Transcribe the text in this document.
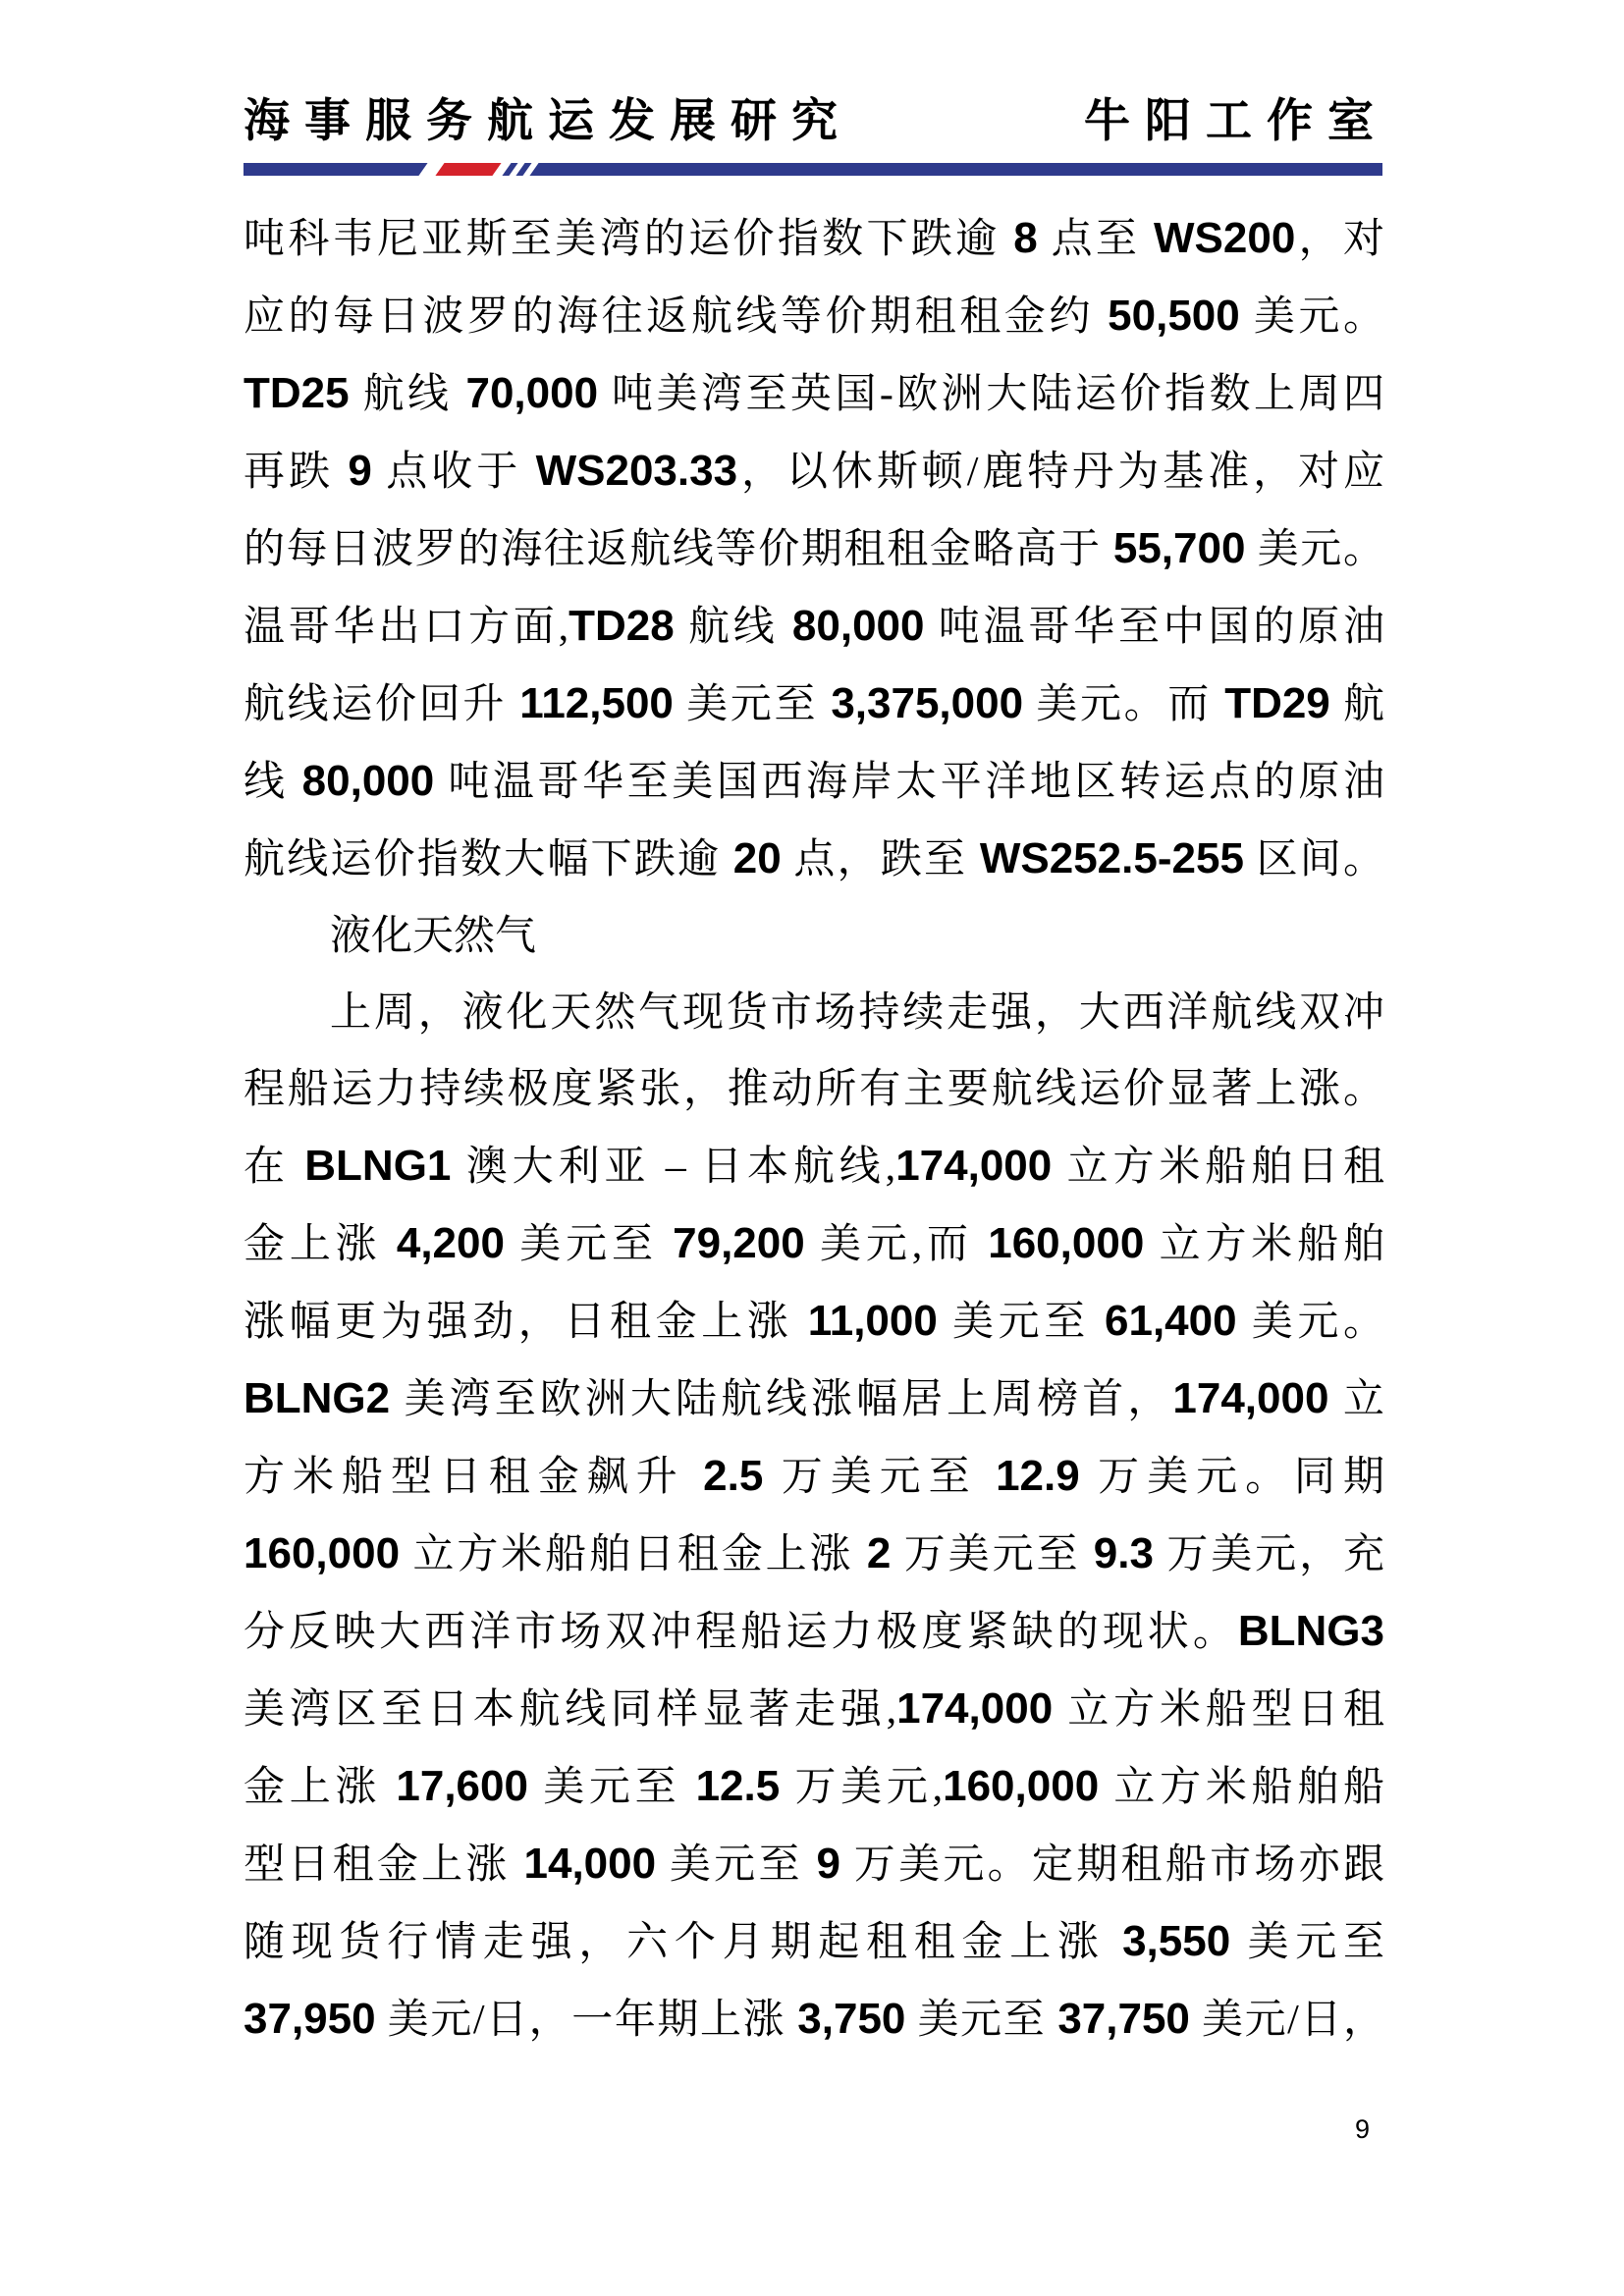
海事服务航运发展研究	牛阳工作室
吨科韦尼亚斯至美湾的运价指数下跌逾 8 点至 WS200，对
应的每日波罗的海往返航线等价期租租金约 50,500 美元。
TD25 航线 70,000 吨美湾至英国-欧洲大陆运价指数上周四
再跌 9 点收于 WS203.33，以休斯顿/鹿特丹为基准，对应
的每日波罗的海往返航线等价期租租金略高于 55,700 美元。
温哥华出口方面,TD28 航线 80,000 吨温哥华至中国的原油
航线运价回升 112,500 美元至 3,375,000 美元。而 TD29 航
线 80,000 吨温哥华至美国西海岸太平洋地区转运点的原油
航线运价指数大幅下跌逾 20 点，跌至 WS252.5-255 区间。
液化天然气
上周，液化天然气现货市场持续走强，大西洋航线双冲
程船运力持续极度紧张，推动所有主要航线运价显著上涨。
在 BLNG1 澳大利亚 – 日本航线,174,000 立方米船舶日租
金上涨 4,200 美元至 79,200 美元,而 160,000 立方米船舶
涨幅更为强劲，日租金上涨 11,000 美元至 61,400 美元。
BLNG2 美湾至欧洲大陆航线涨幅居上周榜首，174,000 立
方米船型日租金飙升 2.5 万美元至 12.9 万美元。同期
160,000 立方米船舶日租金上涨 2 万美元至 9.3 万美元，充
分反映大西洋市场双冲程船运力极度紧缺的现状。BLNG3
美湾区至日本航线同样显著走强,174,000 立方米船型日租
金上涨 17,600 美元至 12.5 万美元,160,000 立方米船舶船
型日租金上涨 14,000 美元至 9 万美元。定期租船市场亦跟
随现货行情走强，六个月期起租租金上涨 3,550 美元至
37,950 美元/日，一年期上涨 3,750 美元至 37,750 美元/日，
9
